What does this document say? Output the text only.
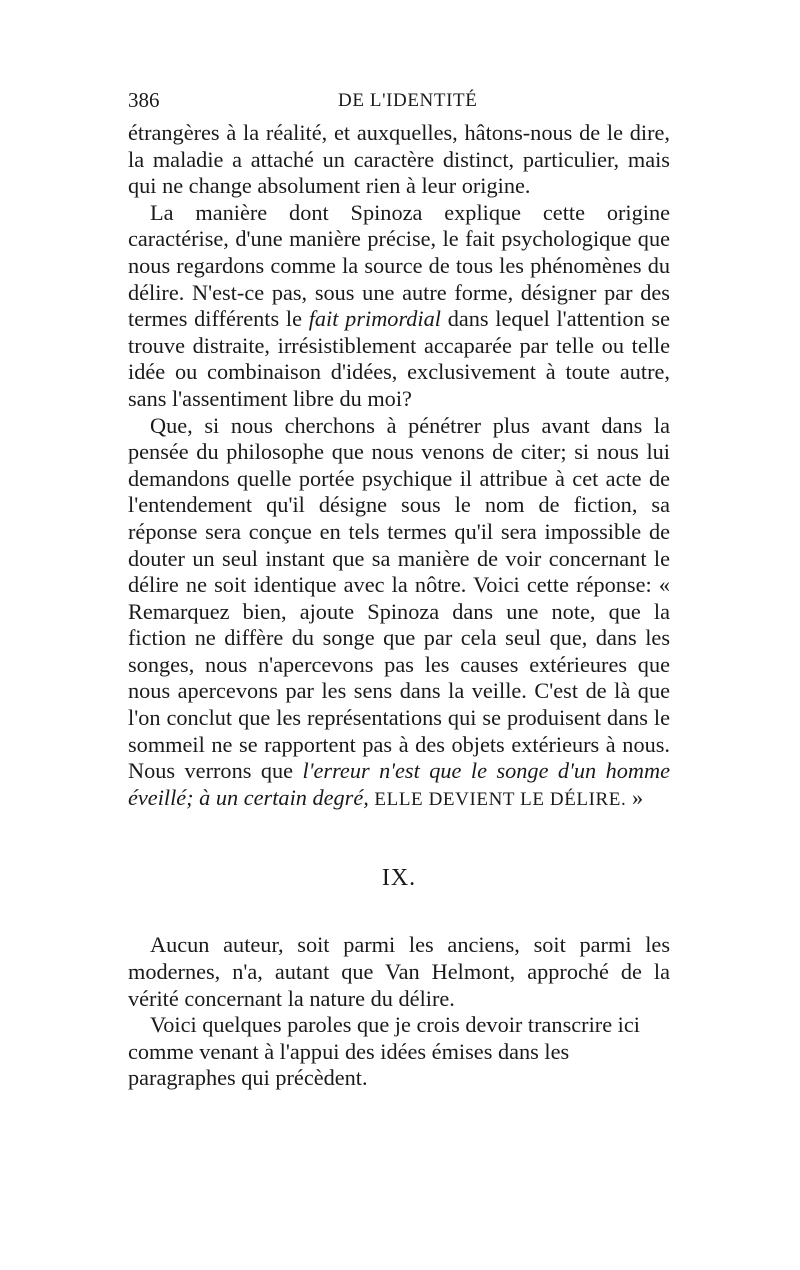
386	DE L'IDENTITÉ

étrangères à la réalité, et auxquelles, hâtons-nous de le dire, la maladie a attaché un caractère distinct, particulier, mais qui ne change absolument rien à leur origine.

La manière dont Spinoza explique cette origine caractérise, d'une manière précise, le fait psychologique que nous regardons comme la source de tous les phénomènes du délire. N'est-ce pas, sous une autre forme, désigner par des termes différents le fait primordial dans lequel l'attention se trouve distraite, irrésistiblement accaparée par telle ou telle idée ou combinaison d'idées, exclusivement à toute autre, sans l'assentiment libre du moi?

Que, si nous cherchons à pénétrer plus avant dans la pensée du philosophe que nous venons de citer; si nous lui demandons quelle portée psychique il attribue à cet acte de l'entendement qu'il désigne sous le nom de fiction, sa réponse sera conçue en tels termes qu'il sera impossible de douter un seul instant que sa manière de voir concernant le délire ne soit identique avec la nôtre. Voici cette réponse: « Remarquez bien, ajoute Spinoza dans une note, que la fiction ne diffère du songe que par cela seul que, dans les songes, nous n'apercevons pas les causes extérieures que nous apercevons par les sens dans la veille. C'est de là que l'on conclut que les représentations qui se produisent dans le sommeil ne se rapportent pas à des objets extérieurs à nous. Nous verrons que l'erreur n'est que le songe d'un homme éveillé; à un certain degré, ELLE DEVIENT LE DÉLIRE. »

IX.

Aucun auteur, soit parmi les anciens, soit parmi les modernes, n'a, autant que Van Helmont, approché de la vérité concernant la nature du délire.

Voici quelques paroles que je crois devoir transcrire ici comme venant à l'appui des idées émises dans les paragraphes qui précèdent.
